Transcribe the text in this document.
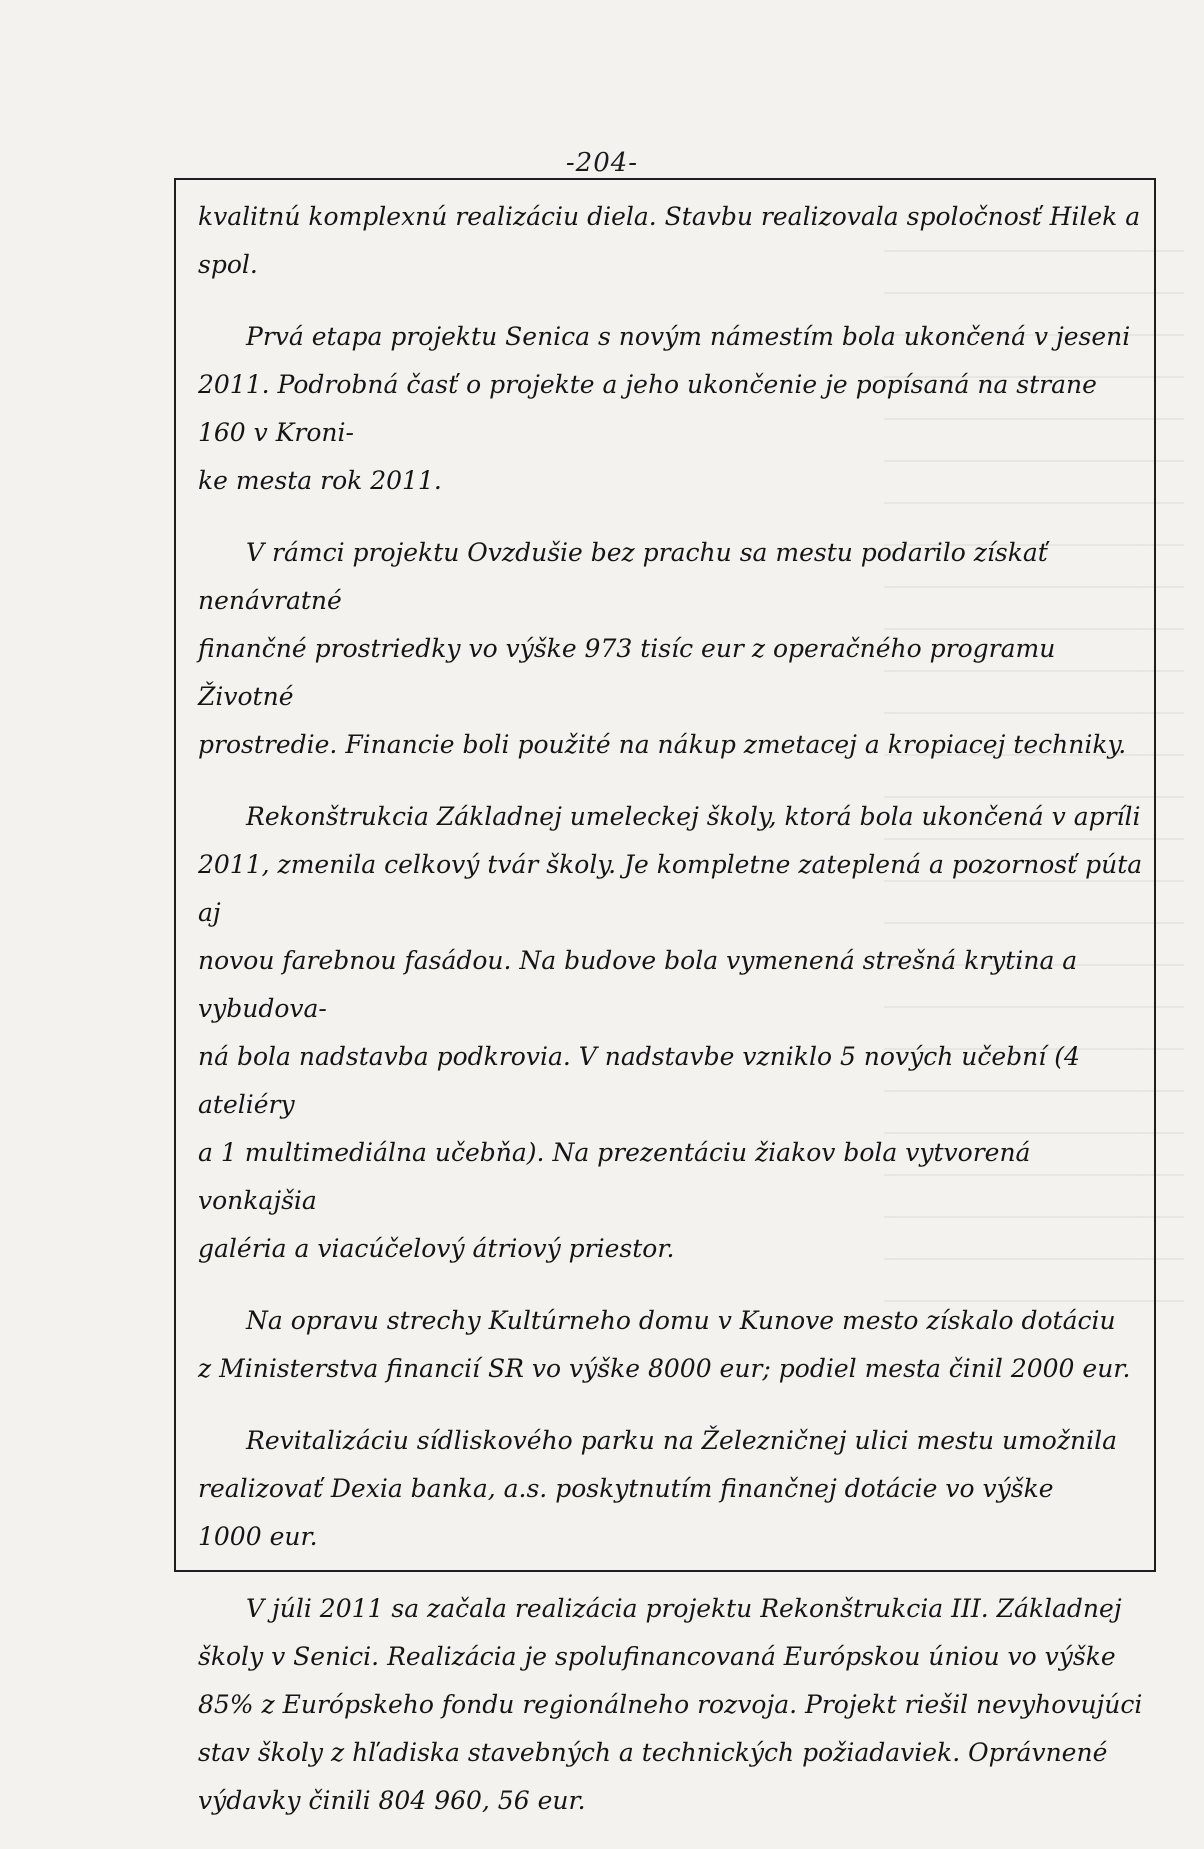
-204-

kvalitnú komplexnú realizáciu diela. Stavbu realizovala spoločnosť Hilek a spol.

Prvá etapa projektu Senica s novým námestím bola ukončená v jeseni
2011. Podrobná časť o projekte a jeho ukončenie je popísaná na strane 160 v Kroni-
ke mesta rok 2011.

V rámci projektu Ovzdušie bez prachu sa mestu podarilo získať nenávratné
finančné prostriedky vo výške 973 tisíc eur z operačného programu Životné
prostredie. Financie boli použité na nákup zmetacej a kropiacej techniky.

Rekonštrukcia Základnej umeleckej školy, ktorá bola ukončená v apríli
2011, zmenila celkový tvár školy. Je kompletne zateplená a pozornosť púta aj
novou farebnou fasádou. Na budove bola vymenená strešná krytina a vybudova-
ná bola nadstavba podkrovia. V nadstavbe vzniklo 5 nových učební (4 ateliéry
a 1 multimediálna učebňa). Na prezentáciu žiakov bola vytvorená vonkajšia
galéria a viacúčelový átriový priestor.

Na opravu strechy Kultúrneho domu v Kunove mesto získalo dotáciu
z Ministerstva financií SR vo výške 8000 eur; podiel mesta činil 2000 eur.

Revitalizáciu sídliskového parku na Železničnej ulici mestu umožnila
realizovať Dexia banka, a.s. poskytnutím finančnej dotácie vo výške
1000 eur.

V júli 2011 sa začala realizácia projektu Rekonštrukcia III. Základnej
školy v Senici. Realizácia je spolufinancovaná Európskou úniou vo výške
85% z Európskeho fondu regionálneho rozvoja. Projekt riešil nevyhovujúci
stav školy z hľadiska stavebných a technických požiadaviek. Oprávnené
výdavky činili 804 960, 56 eur.
